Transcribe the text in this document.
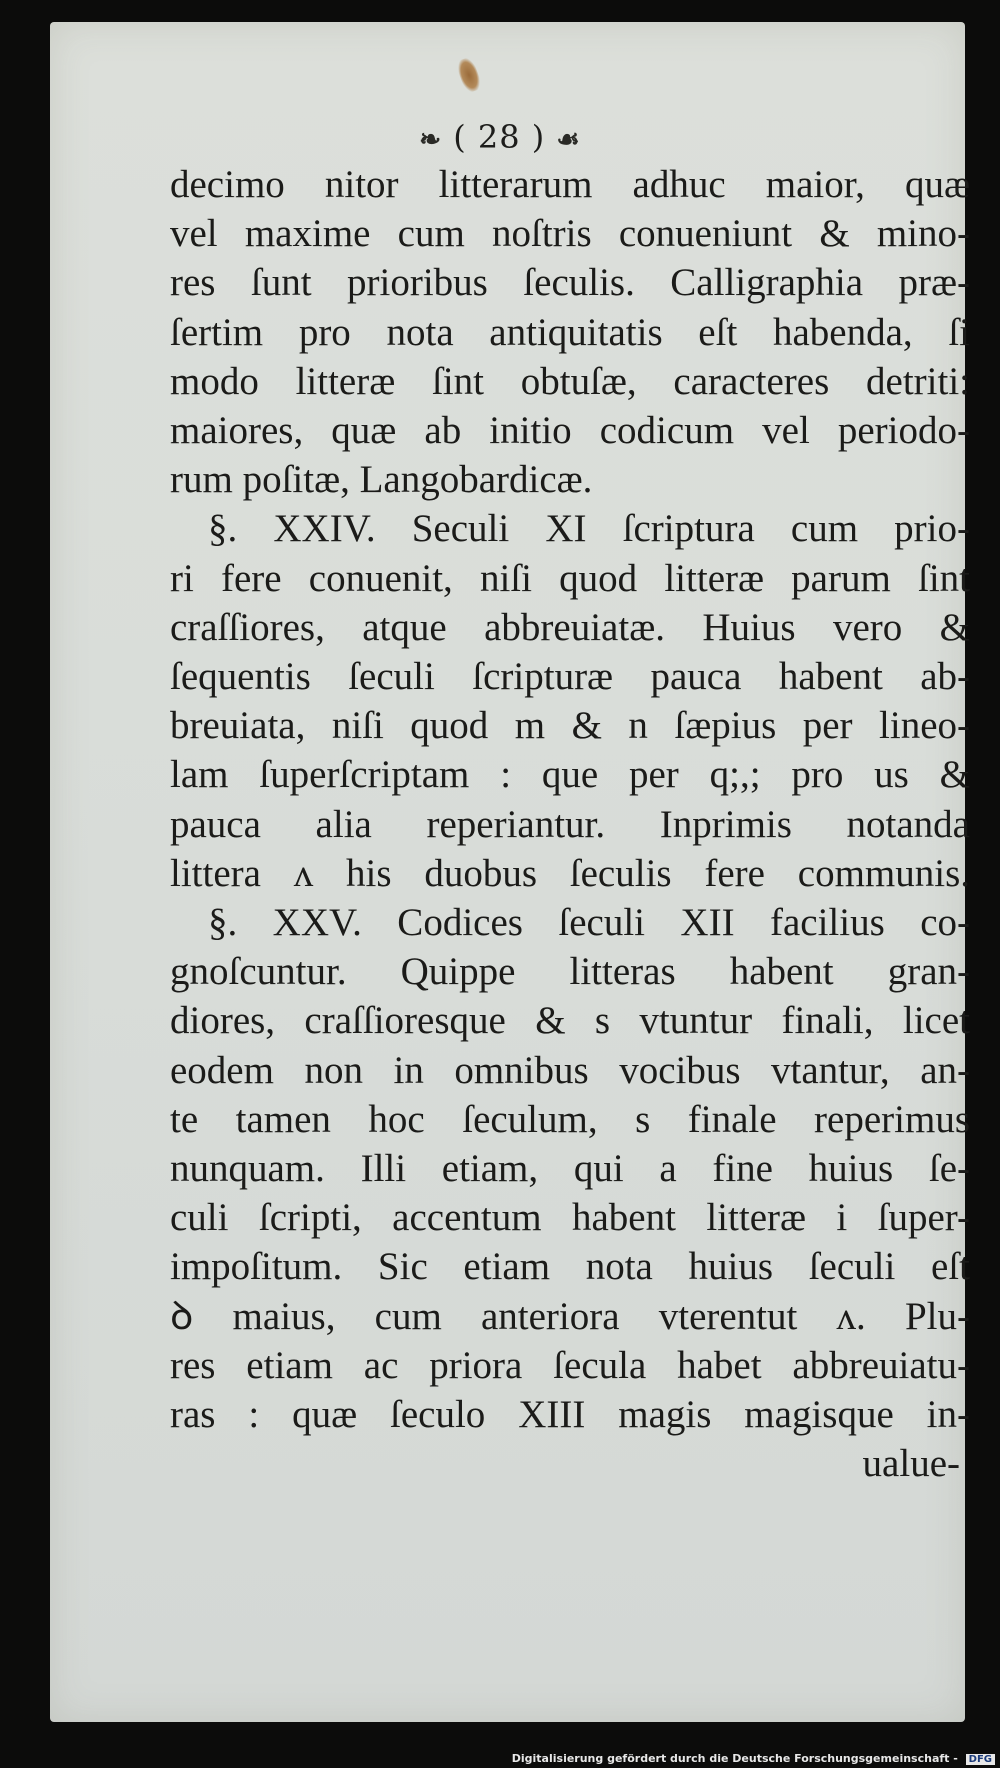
❧ ( 28 ) ☙
decimo nitor litterarum adhuc maior, quæ
vel maxime cum noſtris conueniunt & mino-
res ſunt prioribus ſeculis. Calligraphia præ-
ſertim pro nota antiquitatis eſt habenda, ſi
modo litteræ ſint obtuſæ, caracteres detriti:
maiores, quæ ab initio codicum vel periodo-
rum poſitæ, Langobardicæ.
§. XXIV. Seculi XI ſcriptura cum prio-
ri fere conuenit, niſi quod litteræ parum ſint
craſſiores, atque abbreuiatæ. Huius vero &
ſequentis ſeculi ſcripturæ pauca habent ab-
breuiata, niſi quod m & n ſæpius per lineo-
lam ſuperſcriptam : que per q;,; pro us &
pauca alia reperiantur. Inprimis notanda
littera ʌ his duobus ſeculis fere communis.
§. XXV. Codices ſeculi XII facilius co-
gnoſcuntur. Quippe litteras habent gran-
diores, craſſioresque & s vtuntur finali, licet
eodem non in omnibus vocibus vtantur, an-
te tamen hoc ſeculum, s finale reperimus
nunquam. Illi etiam, qui a fine huius ſe-
culi ſcripti, accentum habent litteræ i ſuper-
impoſitum. Sic etiam nota huius ſeculi eſt
ꝺ maius, cum anteriora vterentut ʌ. Plu-
res etiam ac priora ſecula habet abbreuiatu-
ras : quæ ſeculo XIII magis magisque in-
ualue-
Digitalisierung gefördert durch die Deutsche Forschungsgemeinschaft - DFG
